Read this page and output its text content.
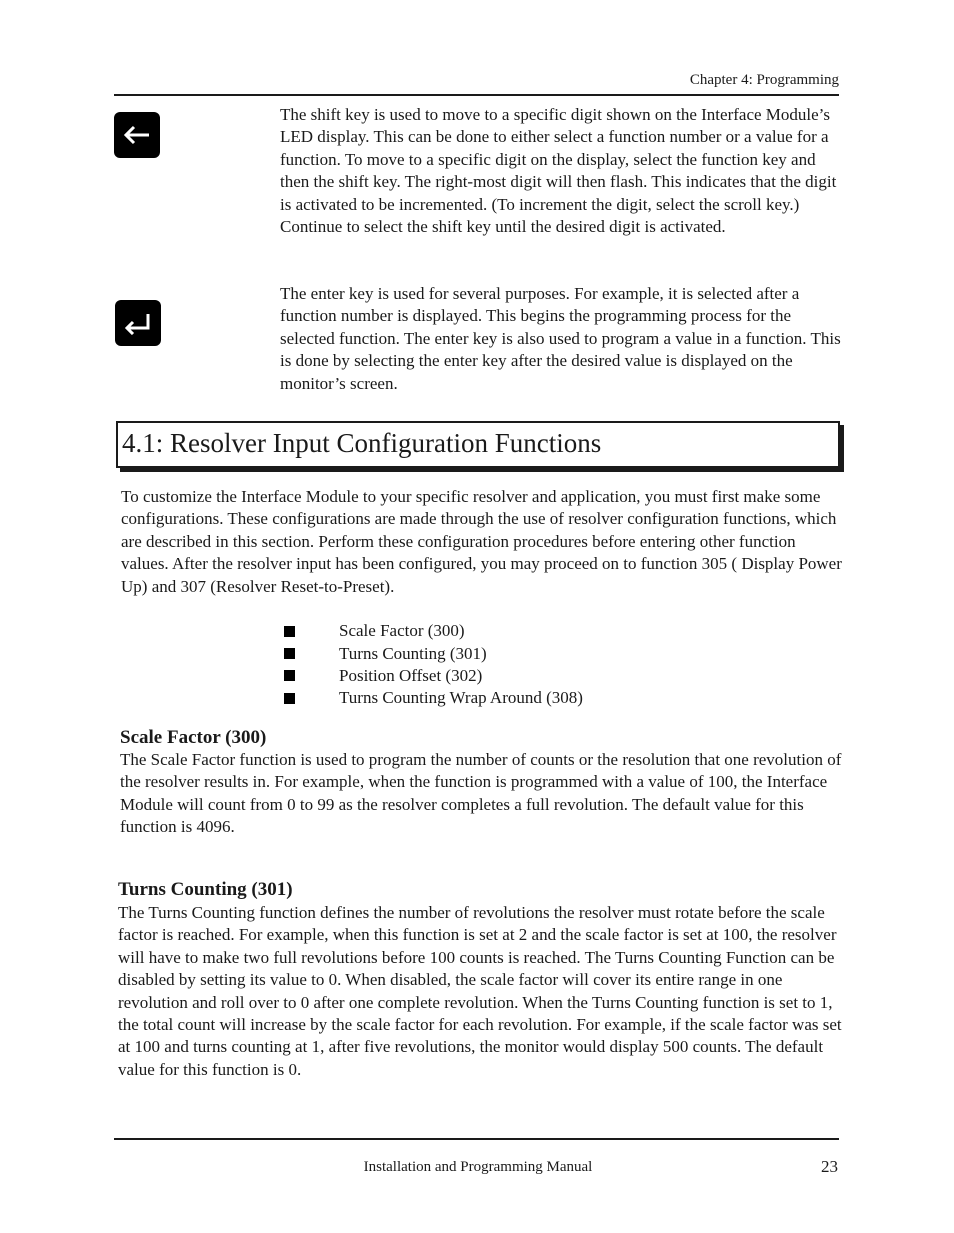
Chapter 4: Programming
The shift key is used to move to a specific digit shown on the Interface Module’s LED display. This can be done to either select a function number or a value for a function. To move to a specific digit on the display, select the function key and then the shift key. The right-most digit will then flash. This indicates that the digit is activated to be incremented. (To increment the digit, select the scroll key.) Continue to select the shift key until the desired digit is activated.
The enter key is used for several purposes. For example, it is selected after a function number is displayed. This begins the programming process for the selected function. The enter key is also used to program a value in a function. This is done by selecting the enter key after the desired value is displayed on the monitor’s screen.
4.1: Resolver Input Configuration Functions
To customize the Interface Module to your specific resolver and application, you must first make some configurations. These configurations are made through the use of resolver configuration functions, which are described in this section. Perform these configuration procedures before entering other function values. After the resolver input has been configured, you may proceed on to function 305 ( Display Power Up) and 307 (Resolver Reset-to-Preset).
Scale Factor (300)
Turns Counting (301)
Position Offset (302)
Turns Counting Wrap Around (308)
Scale Factor (300)
The Scale Factor function is used to program the number of counts or the resolution that one revolution of the resolver results in. For example, when the function is programmed with a value of 100, the Interface Module will count from 0 to 99 as the resolver completes a full revolution. The default value for this function is 4096.
Turns Counting (301)
The Turns Counting function defines the number of revolutions the resolver must rotate before the scale factor is reached. For example, when this function is set at 2 and the scale factor is set at 100, the resolver will have to make two full revolutions before 100 counts is reached. The Turns Counting Function can be disabled by setting its value to 0. When disabled, the scale factor will cover its entire range in one revolution and roll over to 0 after one complete revolution. When the Turns Counting function is set to 1, the total count will increase by the scale factor for each revolution. For example, if the scale factor was set at 100 and turns counting at 1, after five revolutions, the monitor would display 500 counts. The default value for this function is 0.
Installation and Programming Manual	23
